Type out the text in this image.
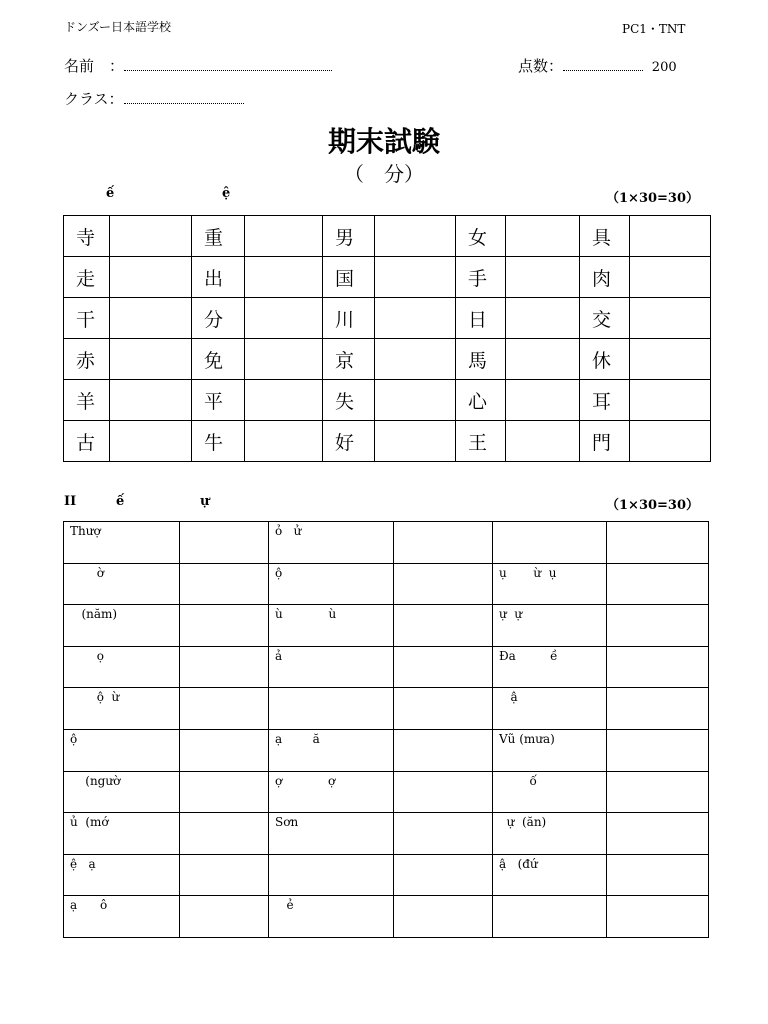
ドンズー日本語学校	PC1・TNT
名前　：	点数：	200
クラス：
期末試験
（　分）
ế	ệ	（1×30=30）
寺		重		男		女		具	
走		出		国		手		肉	
干		分		川		日		交	
赤		免		京		馬		休	
羊		平		失		心		耳	
古		牛		好		王		門	
II	ế	ự	（1×30=30）
Thượ		ỏ   ử			
ờ		ộ		ụ       ừ  ụ	
(năm)		ù            ù		ự  ự	
ọ		ả		Đa         ề	
ộ  ừ				ậ	
ộ		ạ        ă		Vũ (mưa)	
(ngườ		ợ            ợ		ố	
ủ  (mớ		Sơn		ự  (ăn)	
ệ   ạ				ậ   (đứ	
ạ      ô		ẻ			
